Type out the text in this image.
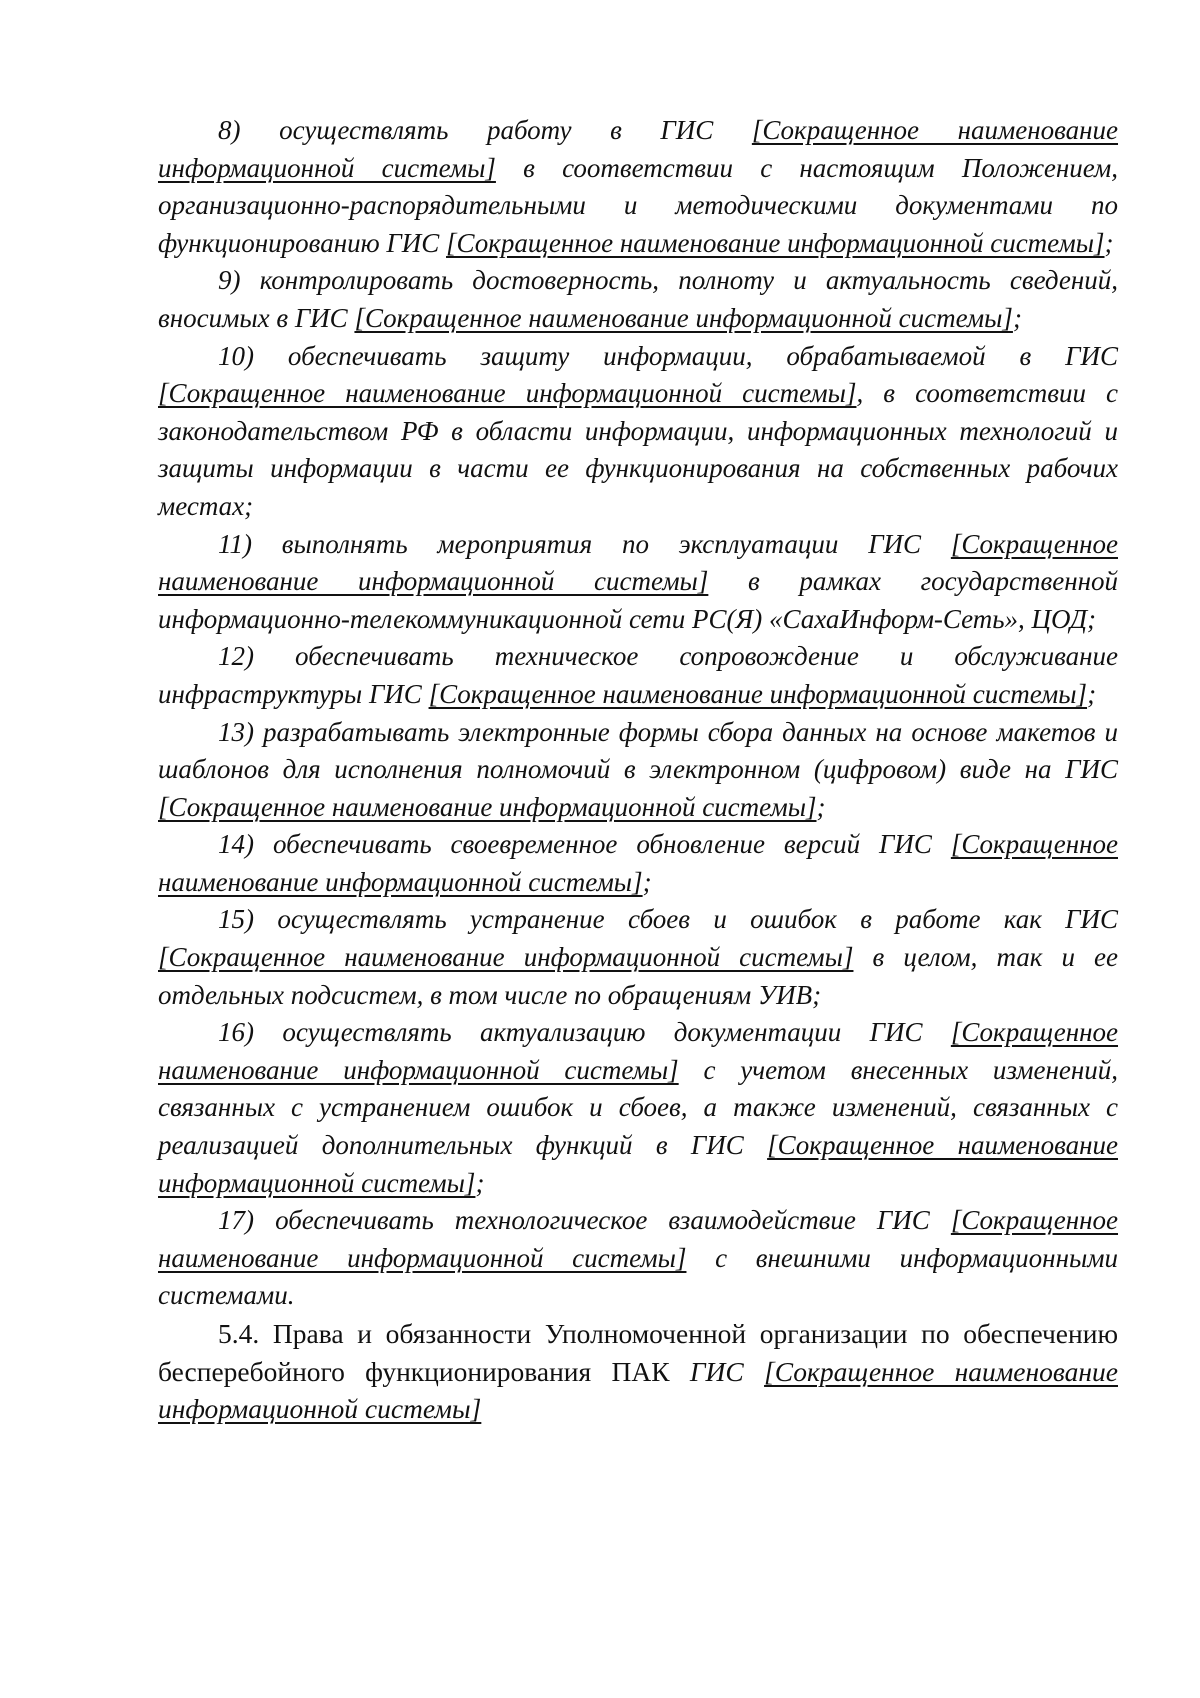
8) осуществлять работу в ГИС [Сокращенное наименование информационной системы] в соответствии с настоящим Положением, организационно-распорядительными и методическими документами по функционированию ГИС [Сокращенное наименование информационной системы];

9) контролировать достоверность, полноту и актуальность сведений, вносимых в ГИС [Сокращенное наименование информационной системы];

10) обеспечивать защиту информации, обрабатываемой в ГИС [Сокращенное наименование информационной системы], в соответствии с законодательством РФ в области информации, информационных технологий и защиты информации в части ее функционирования на собственных рабочих местах;

11) выполнять мероприятия по эксплуатации ГИС [Сокращенное наименование информационной системы] в рамках государственной информационно-телекоммуникационной сети РС(Я) «СахаИнформ-Сеть», ЦОД;

12) обеспечивать техническое сопровождение и обслуживание инфраструктуры ГИС [Сокращенное наименование информационной системы];

13) разрабатывать электронные формы сбора данных на основе макетов и шаблонов для исполнения полномочий в электронном (цифровом) виде на ГИС [Сокращенное наименование информационной системы];

14) обеспечивать своевременное обновление версий ГИС [Сокращенное наименование информационной системы];

15) осуществлять устранение сбоев и ошибок в работе как ГИС [Сокращенное наименование информационной системы] в целом, так и ее отдельных подсистем, в том числе по обращениям УИВ;

16) осуществлять актуализацию документации ГИС [Сокращенное наименование информационной системы] с учетом внесенных изменений, связанных с устранением ошибок и сбоев, а также изменений, связанных с реализацией дополнительных функций в ГИС [Сокращенное наименование информационной системы];

17) обеспечивать технологическое взаимодействие ГИС [Сокращенное наименование информационной системы] с внешними информационными системами.

5.4. Права и обязанности Уполномоченной организации по обеспечению бесперебойного функционирования ПАК ГИС [Сокращенное наименование информационной системы]
